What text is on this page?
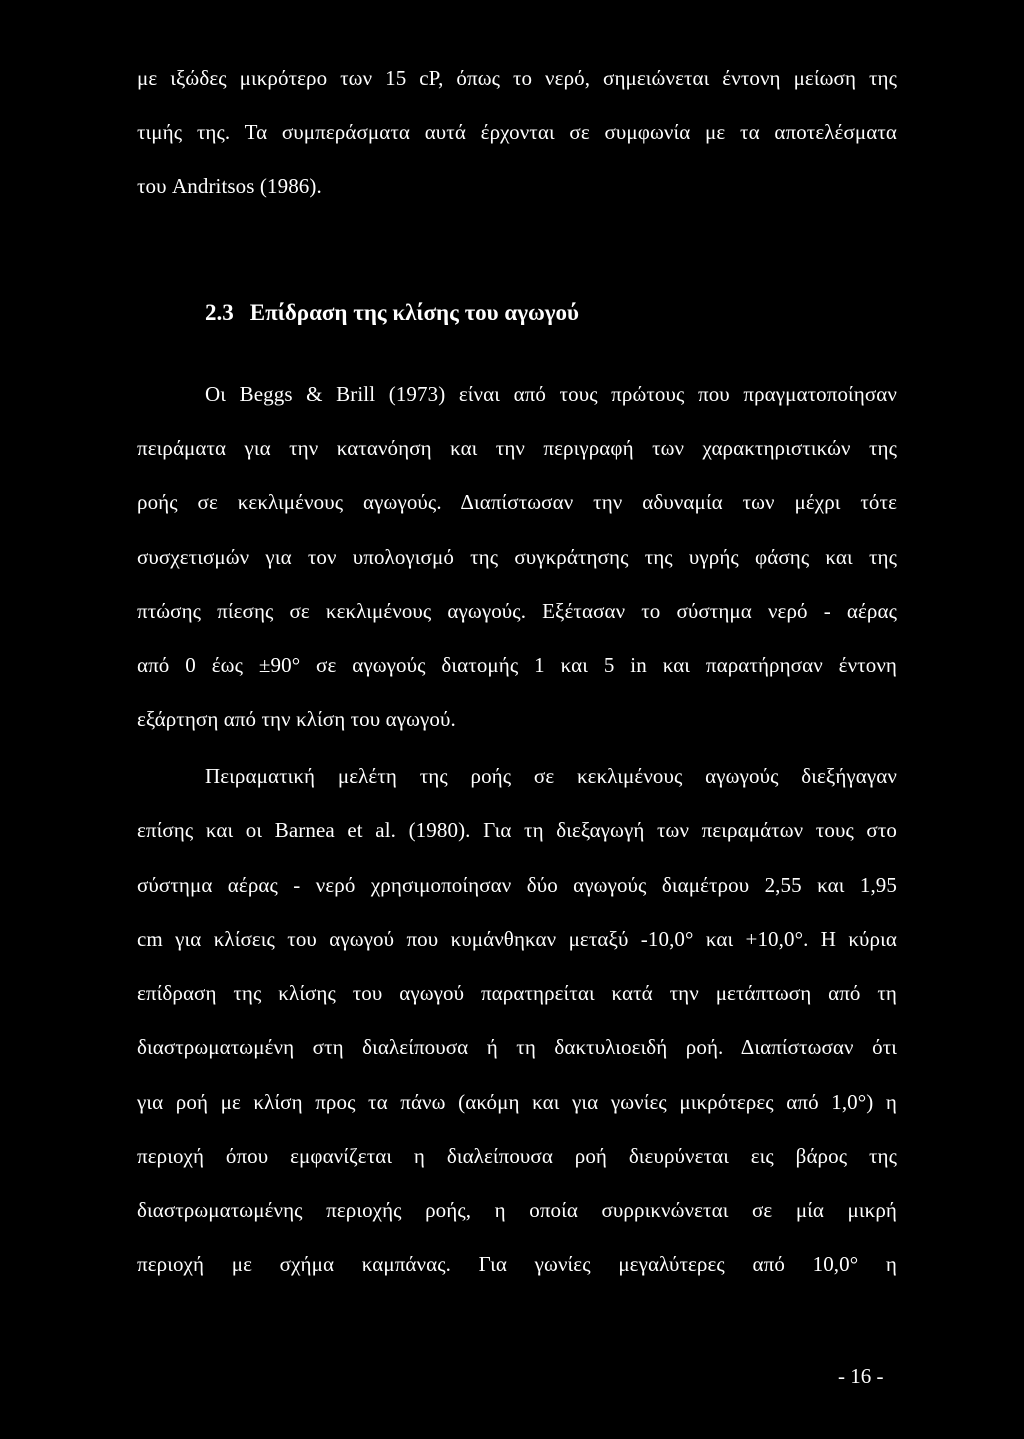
με ιξώδες μικρότερο των 15 cP, όπως το νερό, σημειώνεται έντονη μείωση της
τιμής της. Τα συμπεράσματα αυτά έρχονται σε συμφωνία με τα αποτελέσματα
του Andritsos (1986).
2.3 Επίδραση της κλίσης του αγωγού
Οι Beggs & Brill (1973) είναι από τους πρώτους που πραγματοποίησαν
πειράματα για την κατανόηση και την περιγραφή των χαρακτηριστικών της
ροής σε κεκλιμένους αγωγούς. Διαπίστωσαν την αδυναμία των μέχρι τότε
συσχετισμών για τον υπολογισμό της συγκράτησης της υγρής φάσης και της
πτώσης πίεσης σε κεκλιμένους αγωγούς. Εξέτασαν το σύστημα νερό - αέρας
από 0 έως ±90° σε αγωγούς διατομής 1 και 5 in και παρατήρησαν έντονη
εξάρτηση από την κλίση του αγωγού.
Πειραματική μελέτη της ροής σε κεκλιμένους αγωγούς διεξήγαγαν
επίσης και οι Barnea et al. (1980). Για τη διεξαγωγή των πειραμάτων τους στο
σύστημα αέρας - νερό χρησιμοποίησαν δύο αγωγούς διαμέτρου 2,55 και 1,95
cm για κλίσεις του αγωγού που κυμάνθηκαν μεταξύ -10,0° και +10,0°. Η κύρια
επίδραση της κλίσης του αγωγού παρατηρείται κατά την μετάπτωση από τη
διαστρωματωμένη στη διαλείπουσα ή τη δακτυλιοειδή ροή. Διαπίστωσαν ότι
για ροή με κλίση προς τα πάνω (ακόμη και για γωνίες μικρότερες από 1,0°) η
περιοχή όπου εμφανίζεται η διαλείπουσα ροή διευρύνεται εις βάρος της
διαστρωματωμένης περιοχής ροής, η οποία συρρικνώνεται σε μία μικρή
περιοχή με σχήμα καμπάνας. Για γωνίες μεγαλύτερες από 10,0° η
- 16 -
